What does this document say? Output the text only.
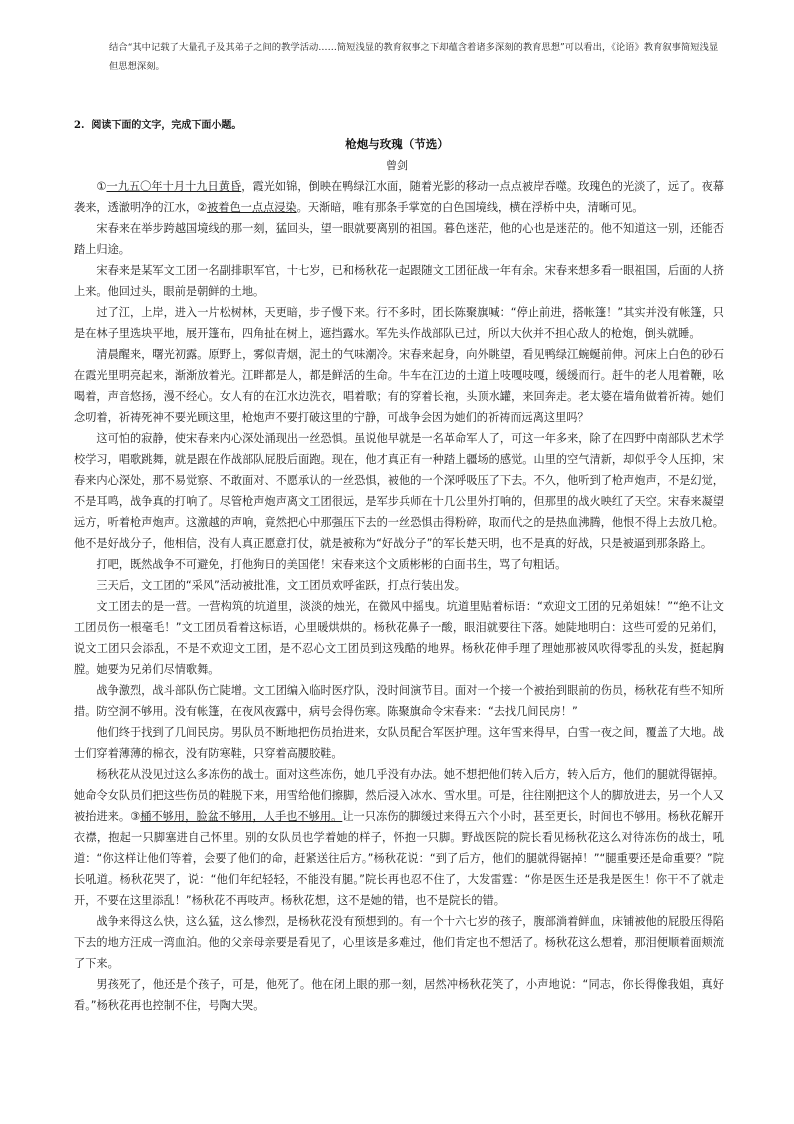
结合“其中记载了大量孔子及其弟子之间的教学活动……简短浅显的教育叙事之下却蕴含着诸多深刻的教育思想”可以看出，《论语》教育叙事简短浅显但思想深刻。
2. 阅读下面的文字，完成下面小题。
枪炮与玫瑰（节选）
曾剑

①一九五〇年十月十九日黄昏，霞光如锦，倒映在鸭绿江水面，随着光影的移动一点点被岸吞噬。玫瑰色的光淡了，远了。夜幕袭来，透澈明净的江水，②被着色一点点浸染。天渐暗，唯有那条手掌宽的白色国境线，横在浮桥中央，清晰可见。

宋春来在举步跨越国境线的那一刻，猛回头，望一眼就要离别的祖国。暮色迷茫，他的心也是迷茫的。他不知道这一别，还能否踏上归途。

宋春来是某军文工团一名副排职军官，十七岁，已和杨秋花一起跟随文工团征战一年有余。宋春来想多看一眼祖国，后面的人挤上来。他回过头，眼前是朝鲜的土地。

过了江，上岸，进入一片松树林，天更暗，步子慢下来。行不多时，团长陈聚旗喊：“停止前进，搭帐篷！”其实并没有帐篷，只是在林子里选块平地，展开篷布，四角扯在树上，遮挡露水。军先头作战部队已过，所以大伙并不担心敌人的枪炮，倒头就睡。

清晨醒来，曙光初露。原野上，雾似青烟，泥土的气味潮冷。宋春来起身，向外眺望，看见鸭绿江蜿蜒前伸。河床上白色的砂石在霞光里明亮起来，渐渐放着光。江畔都是人，都是鲜活的生命。牛车在江边的土道上吱嘎吱嘎，缓缓而行。赶牛的老人甩着鞭，吆喝着，声音悠扬，漫不经心。女人有的在江水边洗衣，唱着歌；有的穿着长袍，头顶水罐，来回奔走。老太婆在墙角做着祈祷。她们念叨着，祈祷死神不要光顾这里，枪炮声不要打破这里的宁静，可战争会因为她们的祈祷而远离这里吗？

这可怕的寂静，使宋春来内心深处涌现出一丝恐惧。虽说他早就是一名革命军人了，可这一年多来，除了在四野中南部队艺术学校学习，唱歌跳舞，就是跟在作战部队屁股后面跑。现在，他才真正有一种踏上疆场的感觉。山里的空气清新，却似乎令人压抑，宋春来内心深处，那不易觉察、不敢面对、不愿承认的一丝恐惧，被他的一个深呼吸压了下去。不久，他听到了枪声炮声，不是幻觉，不是耳鸣，战争真的打响了。尽管枪声炮声离文工团很远，是军步兵师在十几公里外打响的，但那里的战火映红了天空。宋春来凝望远方，听着枪声炮声。这激越的声响，竟然把心中那强压下去的一丝恐惧击得粉碎，取而代之的是热血沸腾，他恨不得上去放几枪。他不是好战分子，他相信，没有人真正愿意打仗，就是被称为“好战分子”的军长楚天明，也不是真的好战，只是被逼到那条路上。

打吧，既然战争不可避免，打他狗日的美国佬！宋春来这个文质彬彬的白面书生，骂了句粗话。

三天后，文工团的“采风”活动被批准，文工团员欢呼雀跃，打点行装出发。

文工团去的是一营。一营构筑的坑道里，淡淡的烛光，在微风中摇曳。坑道里贴着标语：“欢迎文工团的兄弟姐妹！”“绝不让文工团员伤一根毫毛！”文工团员看着这标语，心里暖烘烘的。杨秋花鼻子一酸，眼泪就要往下落。她陡地明白：这些可爱的兄弟们，说文工团只会添乱，不是不欢迎文工团，是不忍心文工团员到这残酷的地界。杨秋花伸手理了理她那被风吹得零乱的头发，挺起胸膛。她要为兄弟们尽情歌舞。

战争激烈，战斗部队伤亡陡增。文工团编入临时医疗队，没时间演节目。面对一个接一个被抬到眼前的伤员，杨秋花有些不知所措。防空洞不够用。没有帐篷，在夜风夜露中，病号会得伤寒。陈聚旗命令宋春来：“去找几间民房！”

他们终于找到了几间民房。男队员不断地把伤员抬进来，女队员配合军医护理。这年雪来得早，白雪一夜之间，覆盖了大地。战士们穿着薄薄的棉衣，没有防寒鞋，只穿着高腰胶鞋。

杨秋花从没见过这么多冻伤的战士。面对这些冻伤，她几乎没有办法。她不想把他们转入后方，转入后方，他们的腿就得锯掉。她命令女队员们把这些伤员的鞋脱下来，用雪给他们擦脚，然后浸入冰水、雪水里。可是，往往刚把这个人的脚放进去，另一个人又被抬进来。③桶不够用，脸盆不够用，人手也不够用。让一只冻伤的脚缓过来得五六个小时，甚至更长，时间也不够用。杨秋花解开衣襟，抱起一只脚塞进自己怀里。别的女队员也学着她的样子，怀抱一只脚。野战医院的院长看见杨秋花这么对待冻伤的战士，吼道：“你这样让他们等着，会要了他们的命，赶紧送往后方。”杨秋花说：“到了后方，他们的腿就得锯掉！”“腿重要还是命重要？”院长吼道。杨秋花哭了，说：“他们年纪轻轻，不能没有腿。”院长再也忍不住了，大发雷霆：“你是医生还是我是医生！你干不了就走开，不要在这里添乱！”杨秋花不再吱声。杨秋花想，这不是她的错，也不是院长的错。

战争来得这么快，这么猛，这么惨烈，是杨秋花没有预想到的。有一个十六七岁的孩子，腹部淌着鲜血，床铺被他的屁股压得陷下去的地方汪成一湾血泊。他的父亲母亲要是看见了，心里该是多难过，他们肯定也不想活了。杨秋花这么想着，那泪便顺着面颊流了下来。

男孩死了，他还是个孩子，可是，他死了。他在闭上眼的那一刻，居然冲杨秋花笑了，小声地说：“同志，你长得像我姐，真好看。”杨秋花再也控制不住，号陶大哭。
